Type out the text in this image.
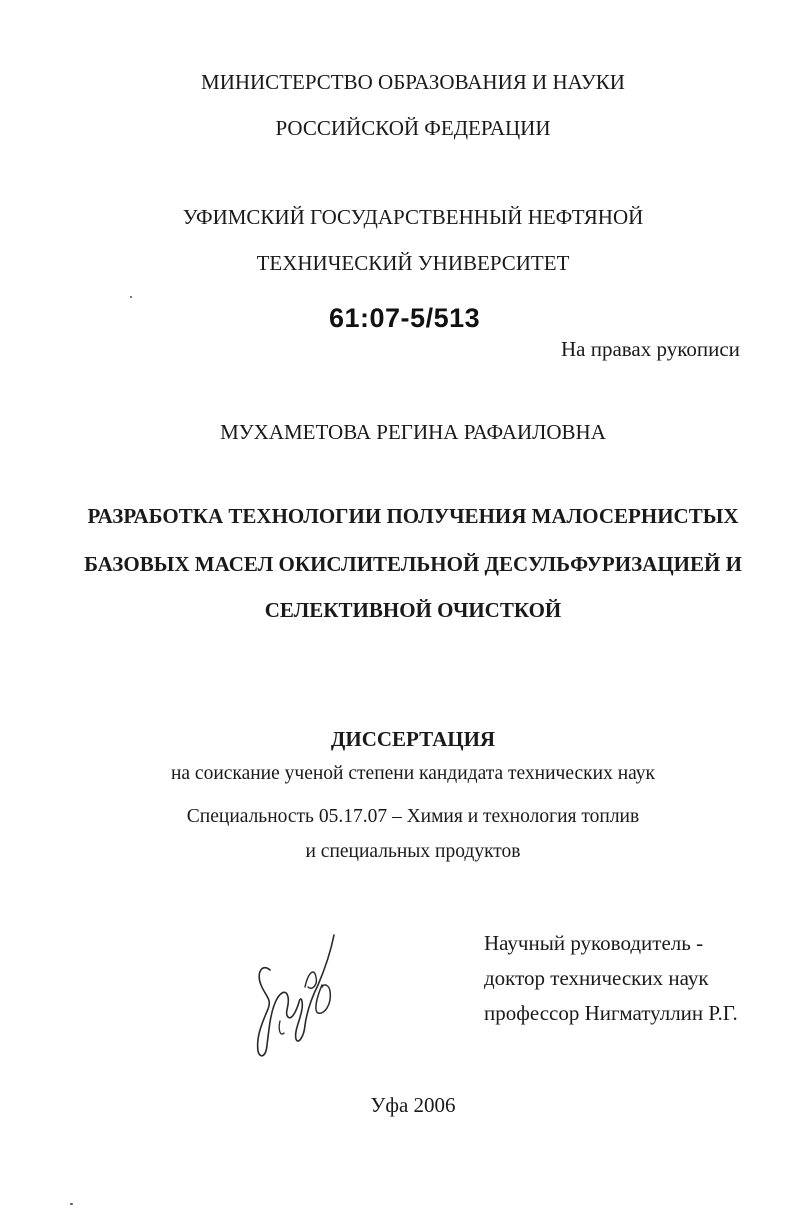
МИНИСТЕРСТВО ОБРАЗОВАНИЯ И НАУКИ
РОССИЙСКОЙ ФЕДЕРАЦИИ
УФИМСКИЙ ГОСУДАРСТВЕННЫЙ НЕФТЯНОЙ
ТЕХНИЧЕСКИЙ УНИВЕРСИТЕТ
61:07-5/513
На правах рукописи
МУХАМЕТОВА РЕГИНА РАФАИЛОВНА
РАЗРАБОТКА ТЕХНОЛОГИИ ПОЛУЧЕНИЯ МАЛОСЕРНИСТЫХ
БАЗОВЫХ МАСЕЛ ОКИСЛИТЕЛЬНОЙ ДЕСУЛЬФУРИЗАЦИЕЙ И
СЕЛЕКТИВНОЙ ОЧИСТКОЙ
ДИССЕРТАЦИЯ
на соискание ученой степени кандидата технических наук
Специальность 05.17.07 – Химия и технология топлив
и специальных продуктов
Научный руководитель -
доктор технических наук
профессор Нигматуллин Р.Г.
Уфа 2006
